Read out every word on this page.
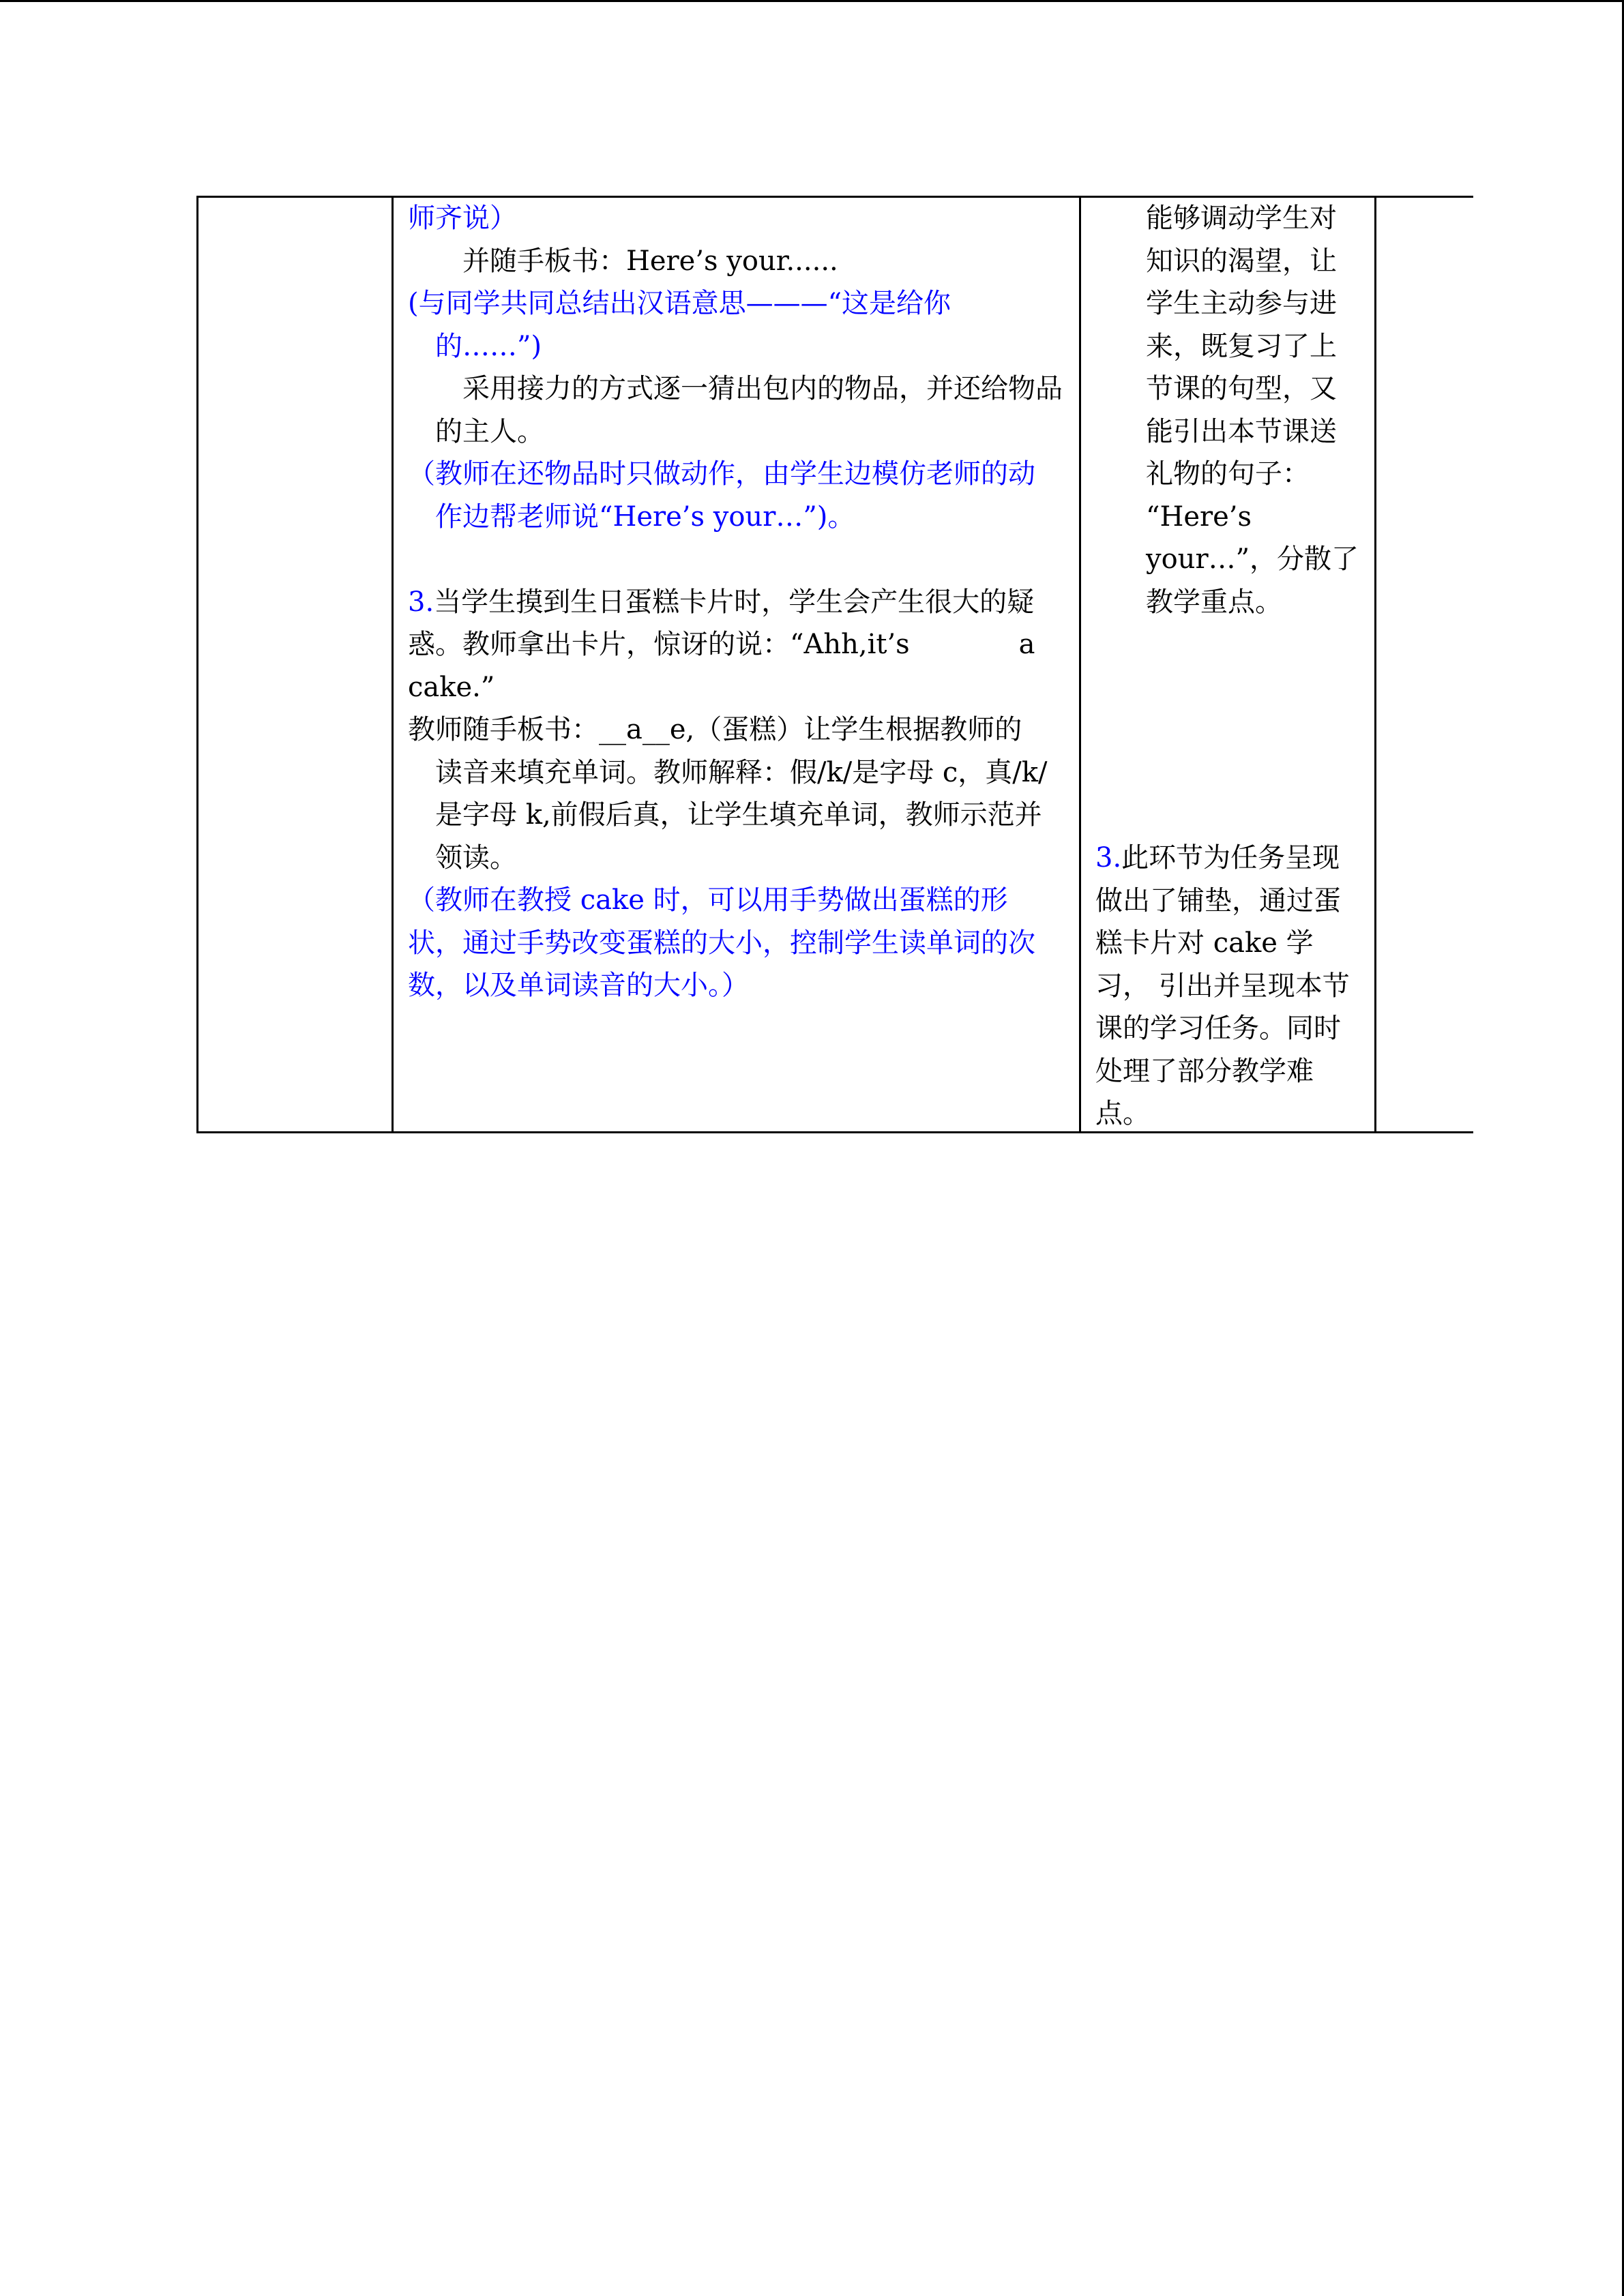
师齐说）
　　并随手板书：Here’s your......
(与同学共同总结出汉语意思———“这是给你
　的……”)
　　采用接力的方式逐一猜出包内的物品，并还给物品
　的主人。
（教师在还物品时只做动作，由学生边模仿老师的动
　作边帮老师说“Here’s your…”)。
3.当学生摸到生日蛋糕卡片时，学生会产生很大的疑
惑。教师拿出卡片，惊讶的说：“Ahh,it’s　　　　a
cake.”
教师随手板书：__a__e,（蛋糕）让学生根据教师的
　读音来填充单词。教师解释：假/k/是字母 c，真/k/
　是字母 k,前假后真，让学生填充单词，教师示范并
　领读。
（教师在教授 cake 时，可以用手势做出蛋糕的形
状，通过手势改变蛋糕的大小，控制学生读单词的次
数，以及单词读音的大小。）
能够调动学生对
知识的渴望，让
学生主动参与进
来，既复习了上
节课的句型，又
能引出本节课送
礼物的句子：
“Here’s
your…”，分散了
教学重点。
3.此环节为任务呈现
做出了铺垫，通过蛋
糕卡片对 cake 学
习， 引出并呈现本节
课的学习任务。同时
处理了部分教学难
点。
